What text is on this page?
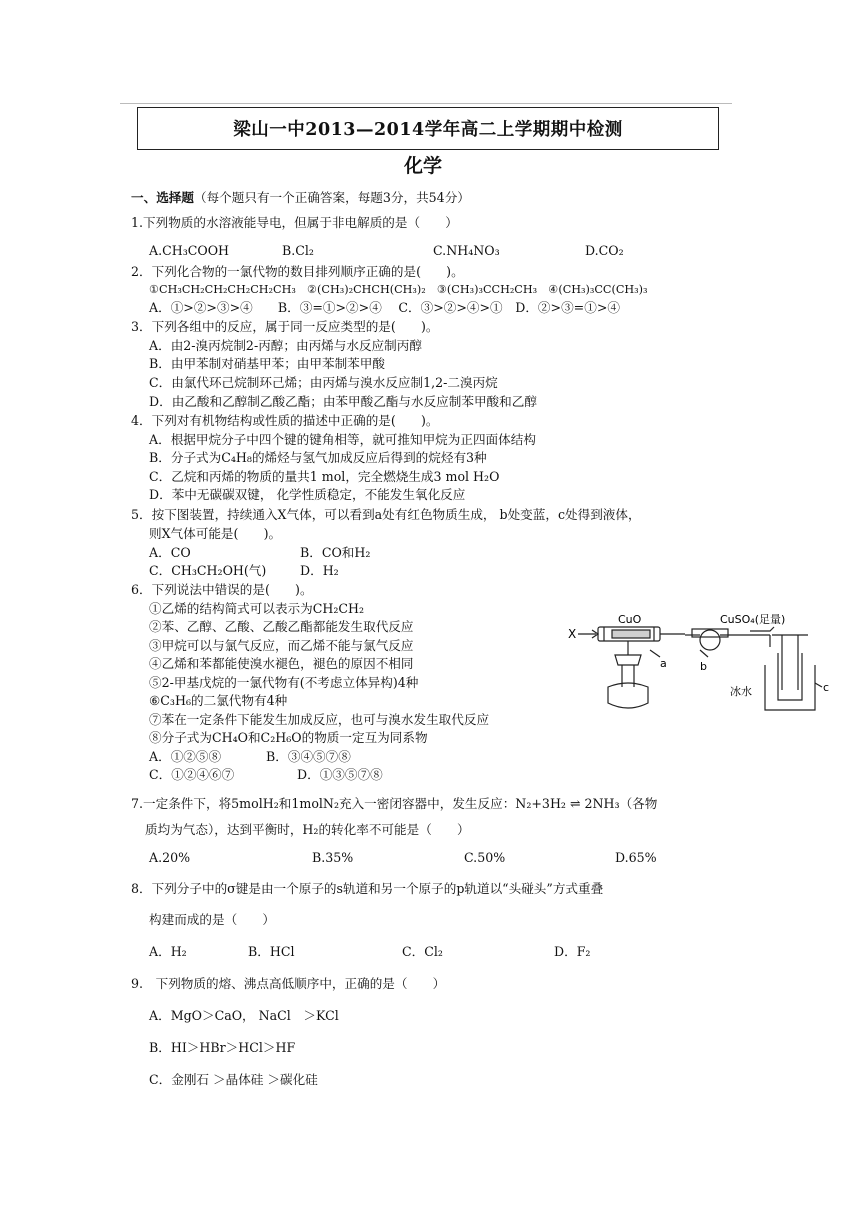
梁山一中2013—2014学年高二上学期期中检测
化学
一、选择题（每个题只有一个正确答案，每题3分，共54分）
1.下列物质的水溶液能导电，但属于非电解质的是（　　）
A.CH₃COOH	B.Cl₂	C.NH₄NO₃	D.CO₂
2．下列化合物的一氯代物的数目排列顺序正确的是(　　)。
①CH₃CH₂CH₂CH₂CH₂CH₃　②(CH₃)₂CHCH(CH₃)₂　③(CH₃)₃CCH₂CH₃　④(CH₃)₃CC(CH₃)₃
A．①>②>③>④　　B．③=①>②>④　 C．③>②>④>①　D．②>③=①>④
3．下列各组中的反应，属于同一反应类型的是(　　)。
A．由2-溴丙烷制2-丙醇；由丙烯与水反应制丙醇
B．由甲苯制对硝基甲苯；由甲苯制苯甲酸
C．由氯代环己烷制环己烯；由丙烯与溴水反应制1,2-二溴丙烷
D．由乙酸和乙醇制乙酸乙酯；由苯甲酸乙酯与水反应制苯甲酸和乙醇
4．下列对有机物结构或性质的描述中正确的是(　　)。
A．根据甲烷分子中四个键的键角相等，就可推知甲烷为正四面体结构
B．分子式为C₄H₈的烯烃与氢气加成反应后得到的烷烃有3种
C．乙烷和丙烯的物质的量共1 mol，完全燃烧生成3 mol H₂O
D．苯中无碳碳双键， 化学性质稳定，不能发生氧化反应
5．按下图装置，持续通入X气体，可以看到a处有红色物质生成， b处变蓝，c处得到液体，
则X气体可能是(　　)。
A．CO	B．CO和H₂
C．CH₃CH₂OH(气)	D．H₂
6．下列说法中错误的是(　　)。
①乙烯的结构简式可以表示为CH₂CH₂
②苯、乙醇、乙酸、乙酸乙酯都能发生取代反应
③甲烷可以与氯气反应，而乙烯不能与氯气反应
④乙烯和苯都能使溴水褪色，褪色的原因不相同
⑤2-甲基戊烷的一氯代物有(不考虑立体异构)4种
⑥C₃H₆的二氯代物有4种
⑦苯在一定条件下能发生加成反应，也可与溴水发生取代反应
⑧分子式为CH₄O和C₂H₆O的物质一定互为同系物
A．①②⑤⑧	B．③④⑤⑦⑧
C．①②④⑥⑦	D．①③⑤⑦⑧
X
CuO	CuSO₄(足量)
a	b
c
冰水
7.一定条件下，将5molH₂和1molN₂充入一密闭容器中，发生反应：N₂+3H₂ ⇌ 2NH₃（各物
质均为气态），达到平衡时，H₂的转化率不可能是（　　）
A.20%	B.35%	C.50%	D.65%
8．下列分子中的σ键是由一个原子的s轨道和另一个原子的p轨道以“头碰头”方式重叠
构建而成的是（　　）
A．H₂	B．HCl	C．Cl₂	D．F₂
9.　下列物质的熔、沸点高低顺序中，正确的是（　　）
A．MgO＞CaO， NaCl　＞KCl
B．HI＞HBr＞HCl＞HF
C．金刚石 ＞晶体硅 ＞碳化硅
